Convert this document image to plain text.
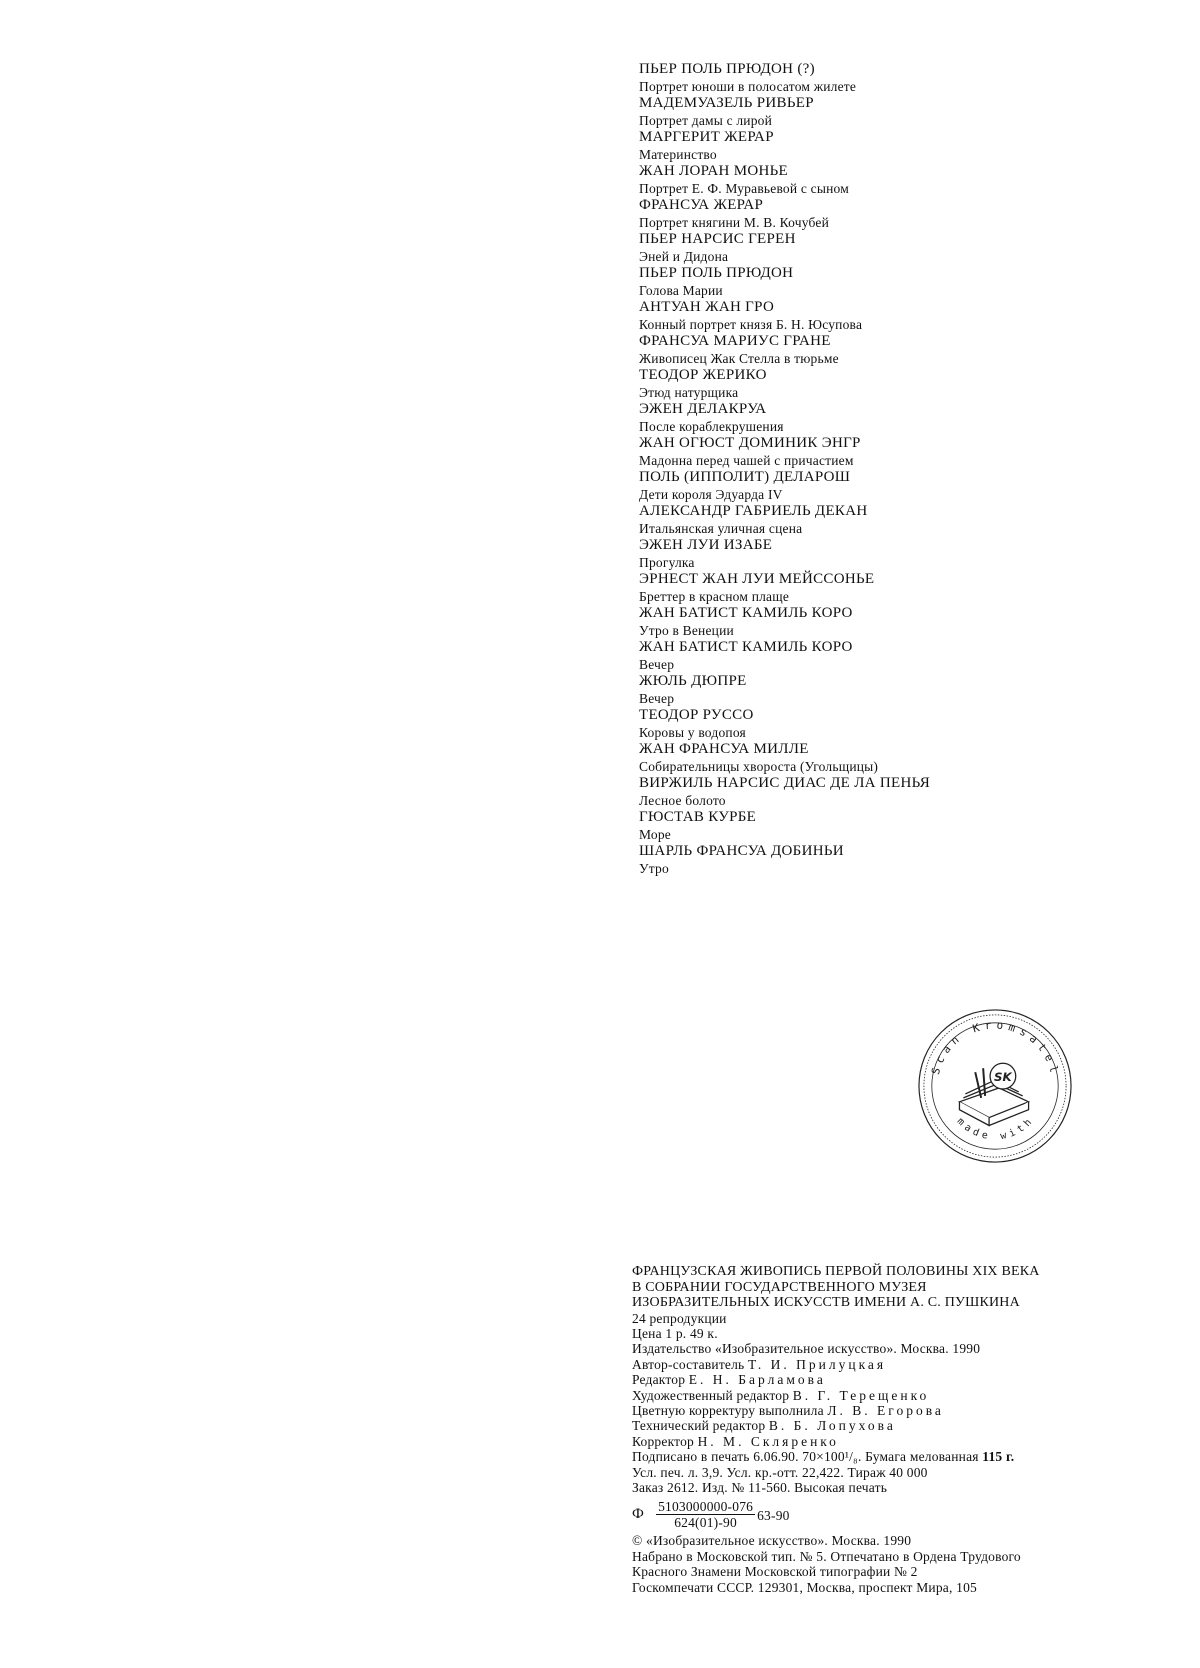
ПЬЕР ПОЛЬ ПРЮДОН (?)
Портрет юноши в полосатом жилете
МАДЕМУАЗЕЛЬ РИВЬЕР
Портрет дамы с лирой
МАРГЕРИТ ЖЕРАР
Материнство
ЖАН ЛОРАН МОНЬЕ
Портрет Е. Ф. Муравьевой с сыном
ФРАНСУА ЖЕРАР
Портрет княгини М. В. Кочубей
ПЬЕР НАРСИС ГЕРЕН
Эней и Дидона
ПЬЕР ПОЛЬ ПРЮДОН
Голова Марии
АНТУАН ЖАН ГРО
Конный портрет князя Б. Н. Юсупова
ФРАНСУА МАРИУС ГРАНЕ
Живописец Жак Стелла в тюрьме
ТЕОДОР ЖЕРИКО
Этюд натурщика
ЭЖЕН ДЕЛАКРУА
После кораблекрушения
ЖАН ОГЮСТ ДОМИНИК ЭНГР
Мадонна перед чашей с причастием
ПОЛЬ (ИППОЛИТ) ДЕЛАРОШ
Дети короля Эдуарда IV
АЛЕКСАНДР ГАБРИЕЛЬ ДЕКАН
Итальянская уличная сцена
ЭЖЕН ЛУИ ИЗАБЕ
Прогулка
ЭРНЕСТ ЖАН ЛУИ МЕЙССОНЬЕ
Бреттер в красном плаще
ЖАН БАТИСТ КАМИЛЬ КОРО
Утро в Венеции
ЖАН БАТИСТ КАМИЛЬ КОРО
Вечер
ЖЮЛЬ ДЮПРЕ
Вечер
ТЕОДОР РУССО
Коровы у водопоя
ЖАН ФРАНСУА МИЛЛЕ
Собирательницы хвороста (Угольщицы)
ВИРЖИЛЬ НАРСИС ДИАС ДЕ ЛА ПЕНЬЯ
Лесное болото
ГЮСТАВ КУРБЕ
Море
ШАРЛЬ ФРАНСУА ДОБИНЬИ
Утро
ФРАНЦУЗСКАЯ ЖИВОПИСЬ ПЕРВОЙ ПОЛОВИНЫ XIX ВЕКА
В СОБРАНИИ ГОСУДАРСТВЕННОГО МУЗЕЯ
ИЗОБРАЗИТЕЛЬНЫХ ИСКУССТВ ИМЕНИ А. С. ПУШКИНА
24 репродукции
Цена 1 р. 49 к.
Издательство «Изобразительное искусство». Москва. 1990
Автор-составитель Т. И. Прилуцкая
Редактор Е. Н. Барламова
Художественный редактор В. Г. Терещенко
Цветную корректуру выполнила Л. В. Егорова
Технический редактор В. Б. Лопухова
Корректор Н. М. Скляренко
Подписано в печать 6.06.90. 70×100¹/₈. Бумага мелованная 115 г.
Усл. печ. л. 3,9. Усл. кр.-отт. 22,422. Тираж 40 000
Заказ 2612. Изд. № 11-560. Высокая печать
Ф $\frac{5103000000-076}{624(01)-90} 63-90$
© «Изобразительное искусство». Москва. 1990
Набрано в Московской тип. № 5. Отпечатано в Ордена Трудового
Красного Знамени Московской типографии № 2
Госкомпечати СССР. 129301, Москва, проспект Мира, 105
Scan Kromsatel
made with
SK
